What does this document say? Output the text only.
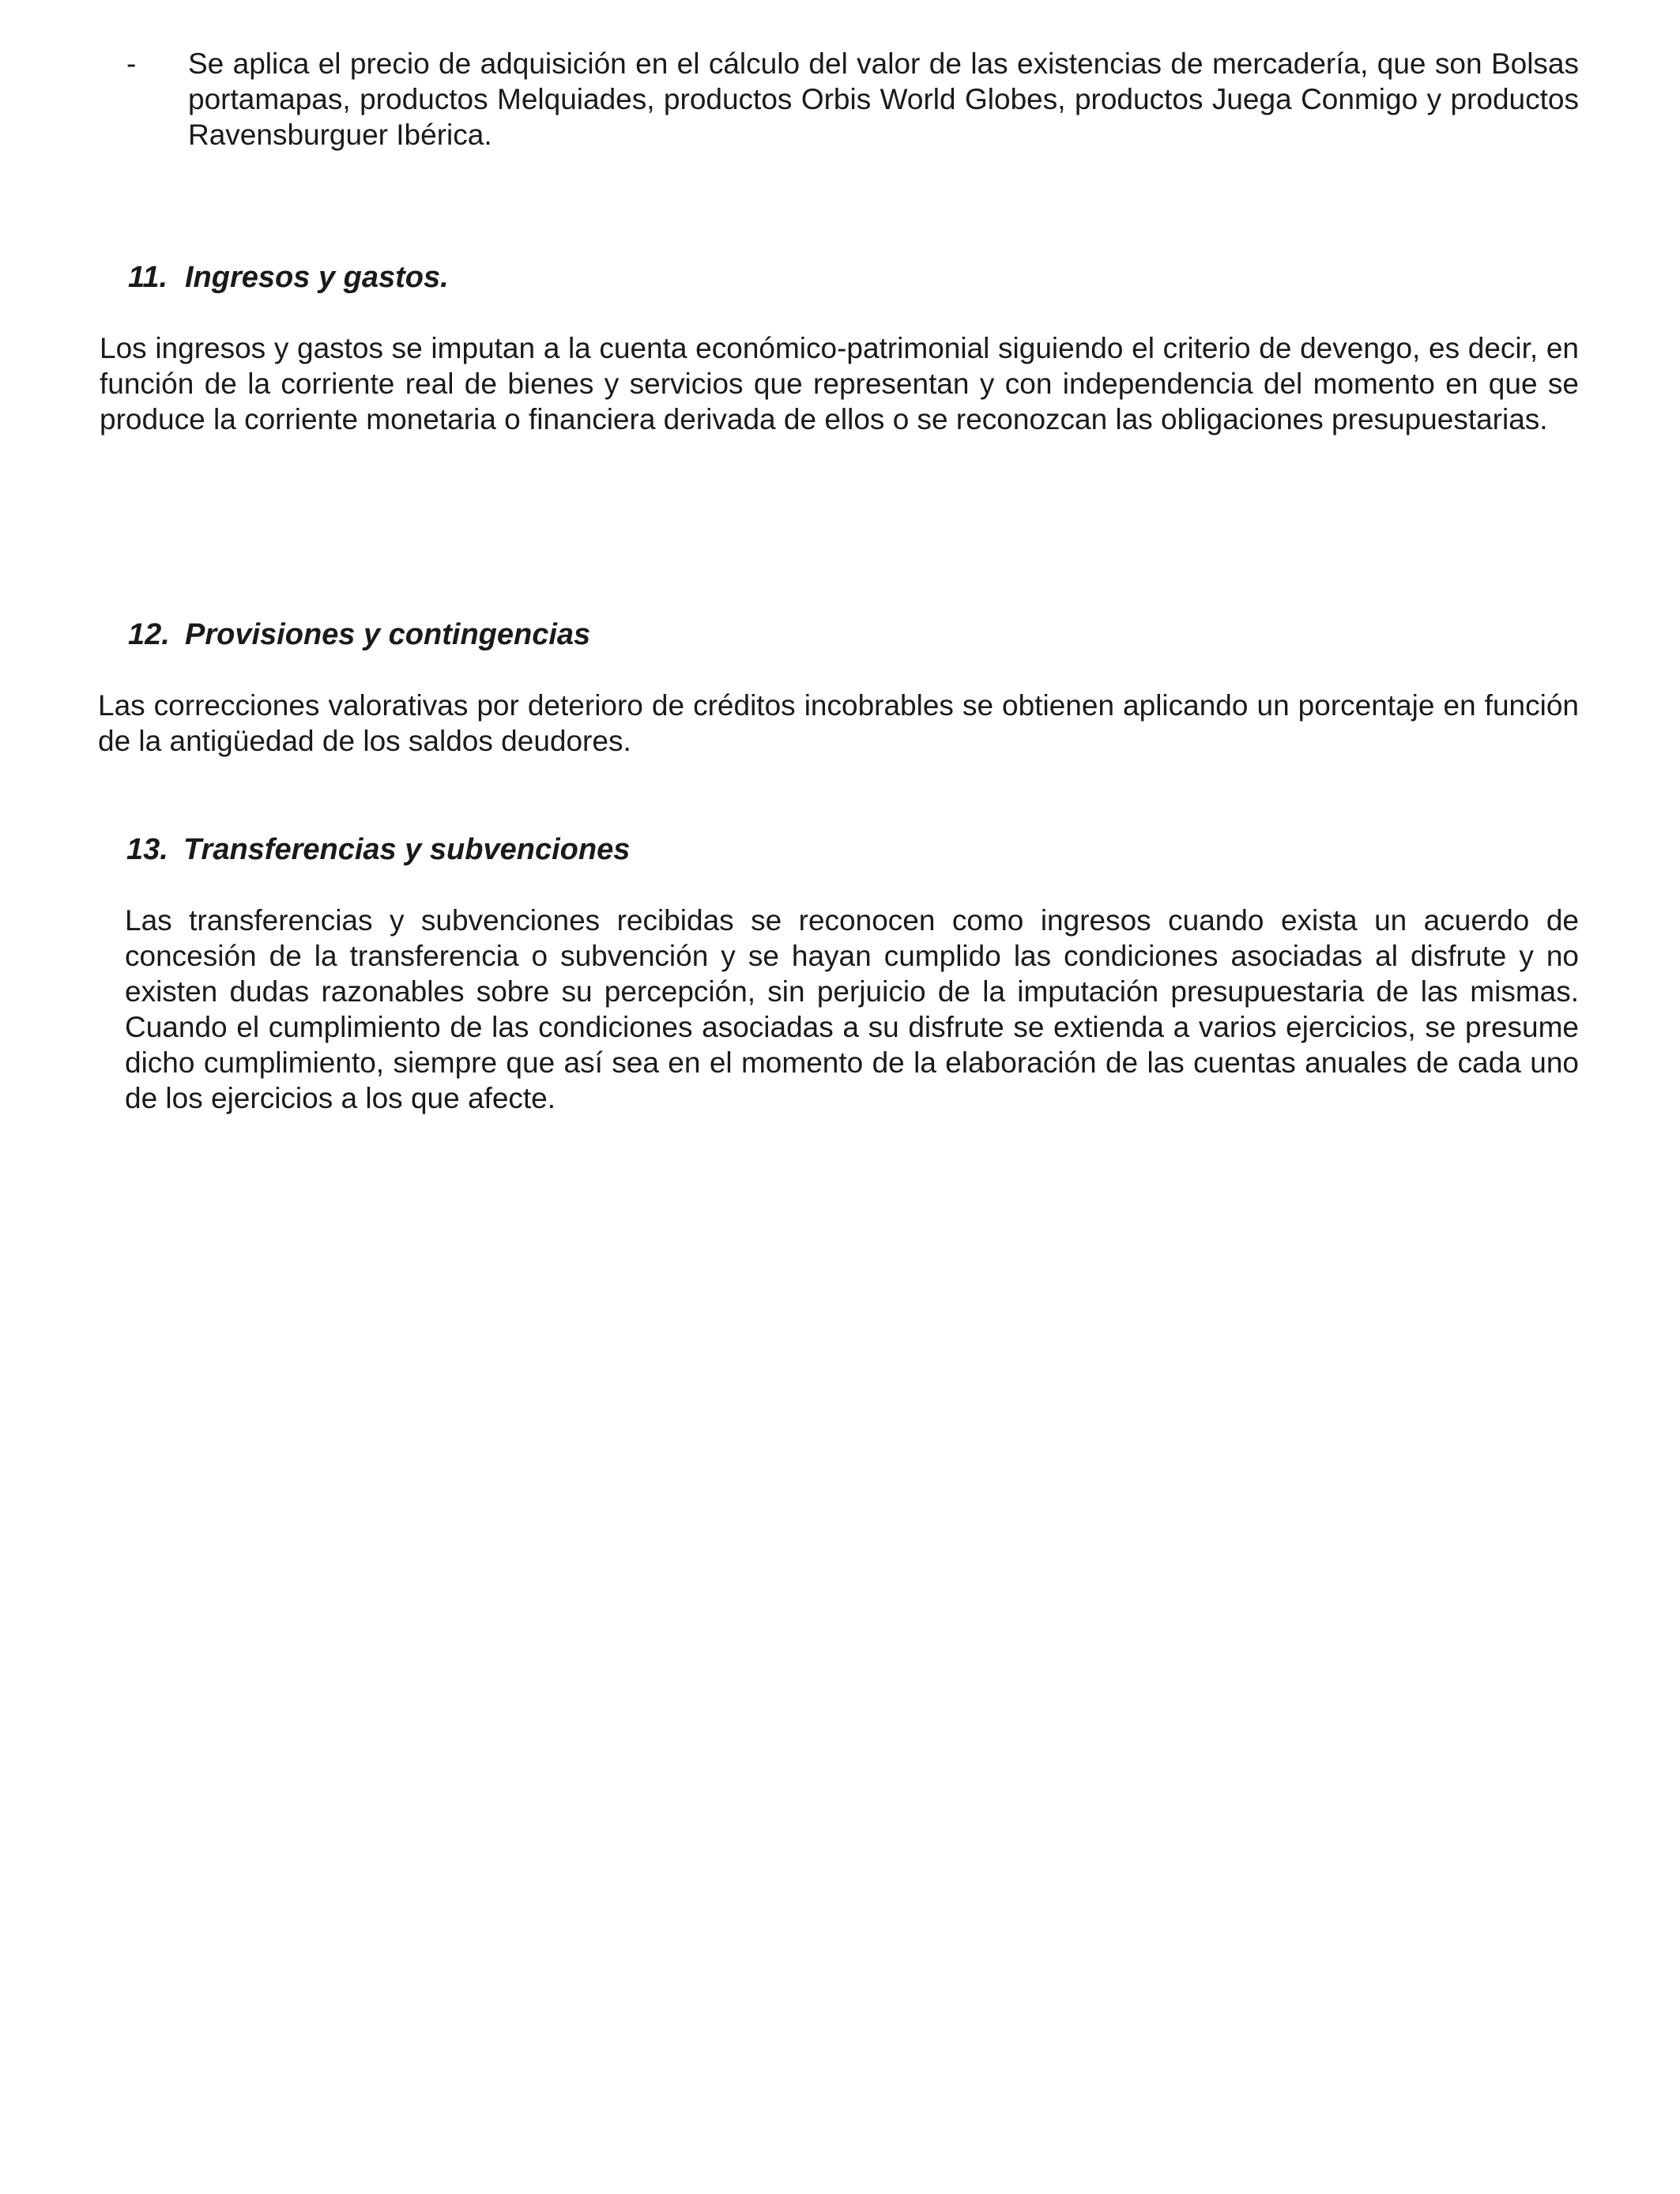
- Se aplica el precio de adquisición en el cálculo del valor de las existencias de mercadería, que son Bolsas portamapas, productos Melquiades, productos Orbis World Globes, productos Juega Conmigo y productos Ravensburguer Ibérica.

11. Ingresos y gastos.

Los ingresos y gastos se imputan a la cuenta económico-patrimonial siguiendo el criterio de devengo, es decir, en función de la corriente real de bienes y servicios que representan y con independencia del momento en que se produce la corriente monetaria o financiera derivada de ellos o se reconozcan las obligaciones presupuestarias.

12. Provisiones y contingencias

Las correcciones valorativas por deterioro de créditos incobrables se obtienen aplicando un porcentaje en función de la antigüedad de los saldos deudores.

13. Transferencias y subvenciones

Las transferencias y subvenciones recibidas se reconocen como ingresos cuando exista un acuerdo de concesión de la transferencia o subvención y se hayan cumplido las condiciones asociadas al disfrute y no existen dudas razonables sobre su percepción, sin perjuicio de la imputación presupuestaria de las mismas. Cuando el cumplimiento de las condiciones asociadas a su disfrute se extienda a varios ejercicios, se presume dicho cumplimiento, siempre que así sea en el momento de la elaboración de las cuentas anuales de cada uno de los ejercicios a los que afecte.
